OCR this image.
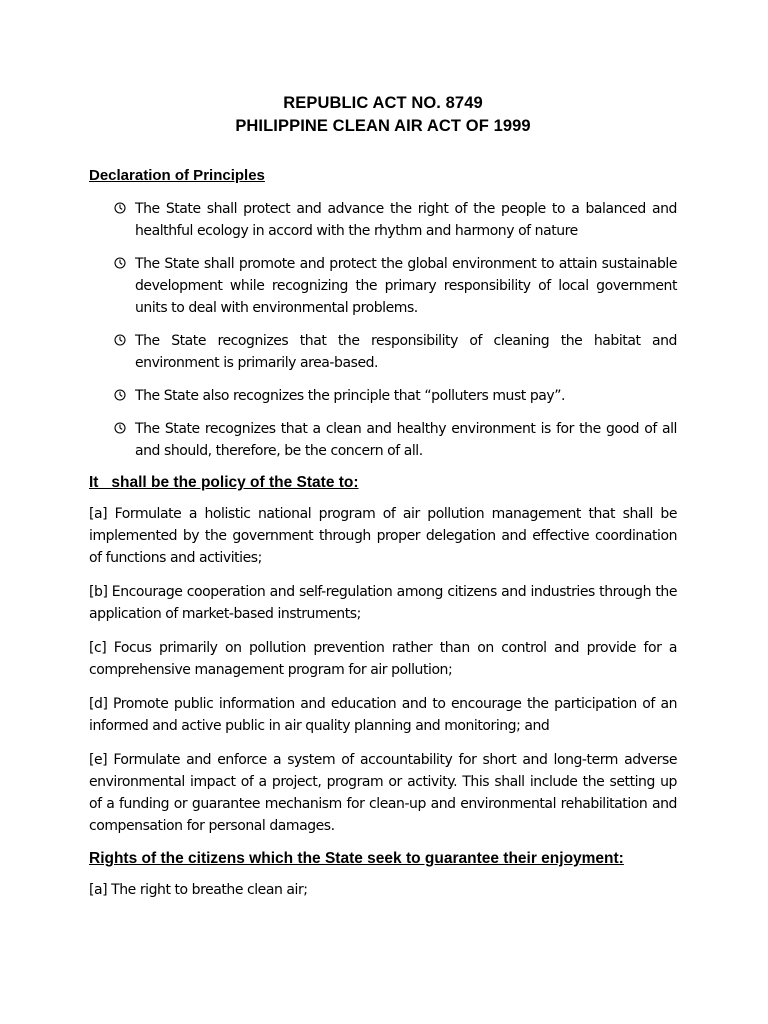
REPUBLIC ACT NO. 8749

PHILIPPINE CLEAN AIR ACT OF 1999

Declaration of Principles

The State shall protect and advance the right of the people to a balanced and healthful ecology in accord with the rhythm and harmony of nature
The State shall promote and protect the global environment to attain sustainable development while recognizing the primary responsibility of local government units to deal with environmental problems.
The State recognizes that the responsibility of cleaning the habitat and environment is primarily area-based.
The State also recognizes the principle that “polluters must pay”.
The State recognizes that a clean and healthy environment is for the good of all and should, therefore, be the concern of all.

It   shall be the policy of the State to:

[a] Formulate a holistic national program of air pollution management that shall be implemented by the government through proper delegation and effective coordination of functions and activities;

[b] Encourage cooperation and self-regulation among citizens and industries through the application of market-based instruments;

[c] Focus primarily on pollution prevention rather than on control and provide for a comprehensive management program for air pollution;

[d] Promote public information and education and to encourage the participation of an informed and active public in air quality planning and monitoring; and

[e] Formulate and enforce a system of accountability for short and long-term adverse environmental impact of a project, program or activity. This shall include the setting up of a funding or guarantee mechanism for clean-up and environmental rehabilitation and compensation for personal damages.

Rights of the citizens which the State seek to guarantee their enjoyment:

[a] The right to breathe clean air;
